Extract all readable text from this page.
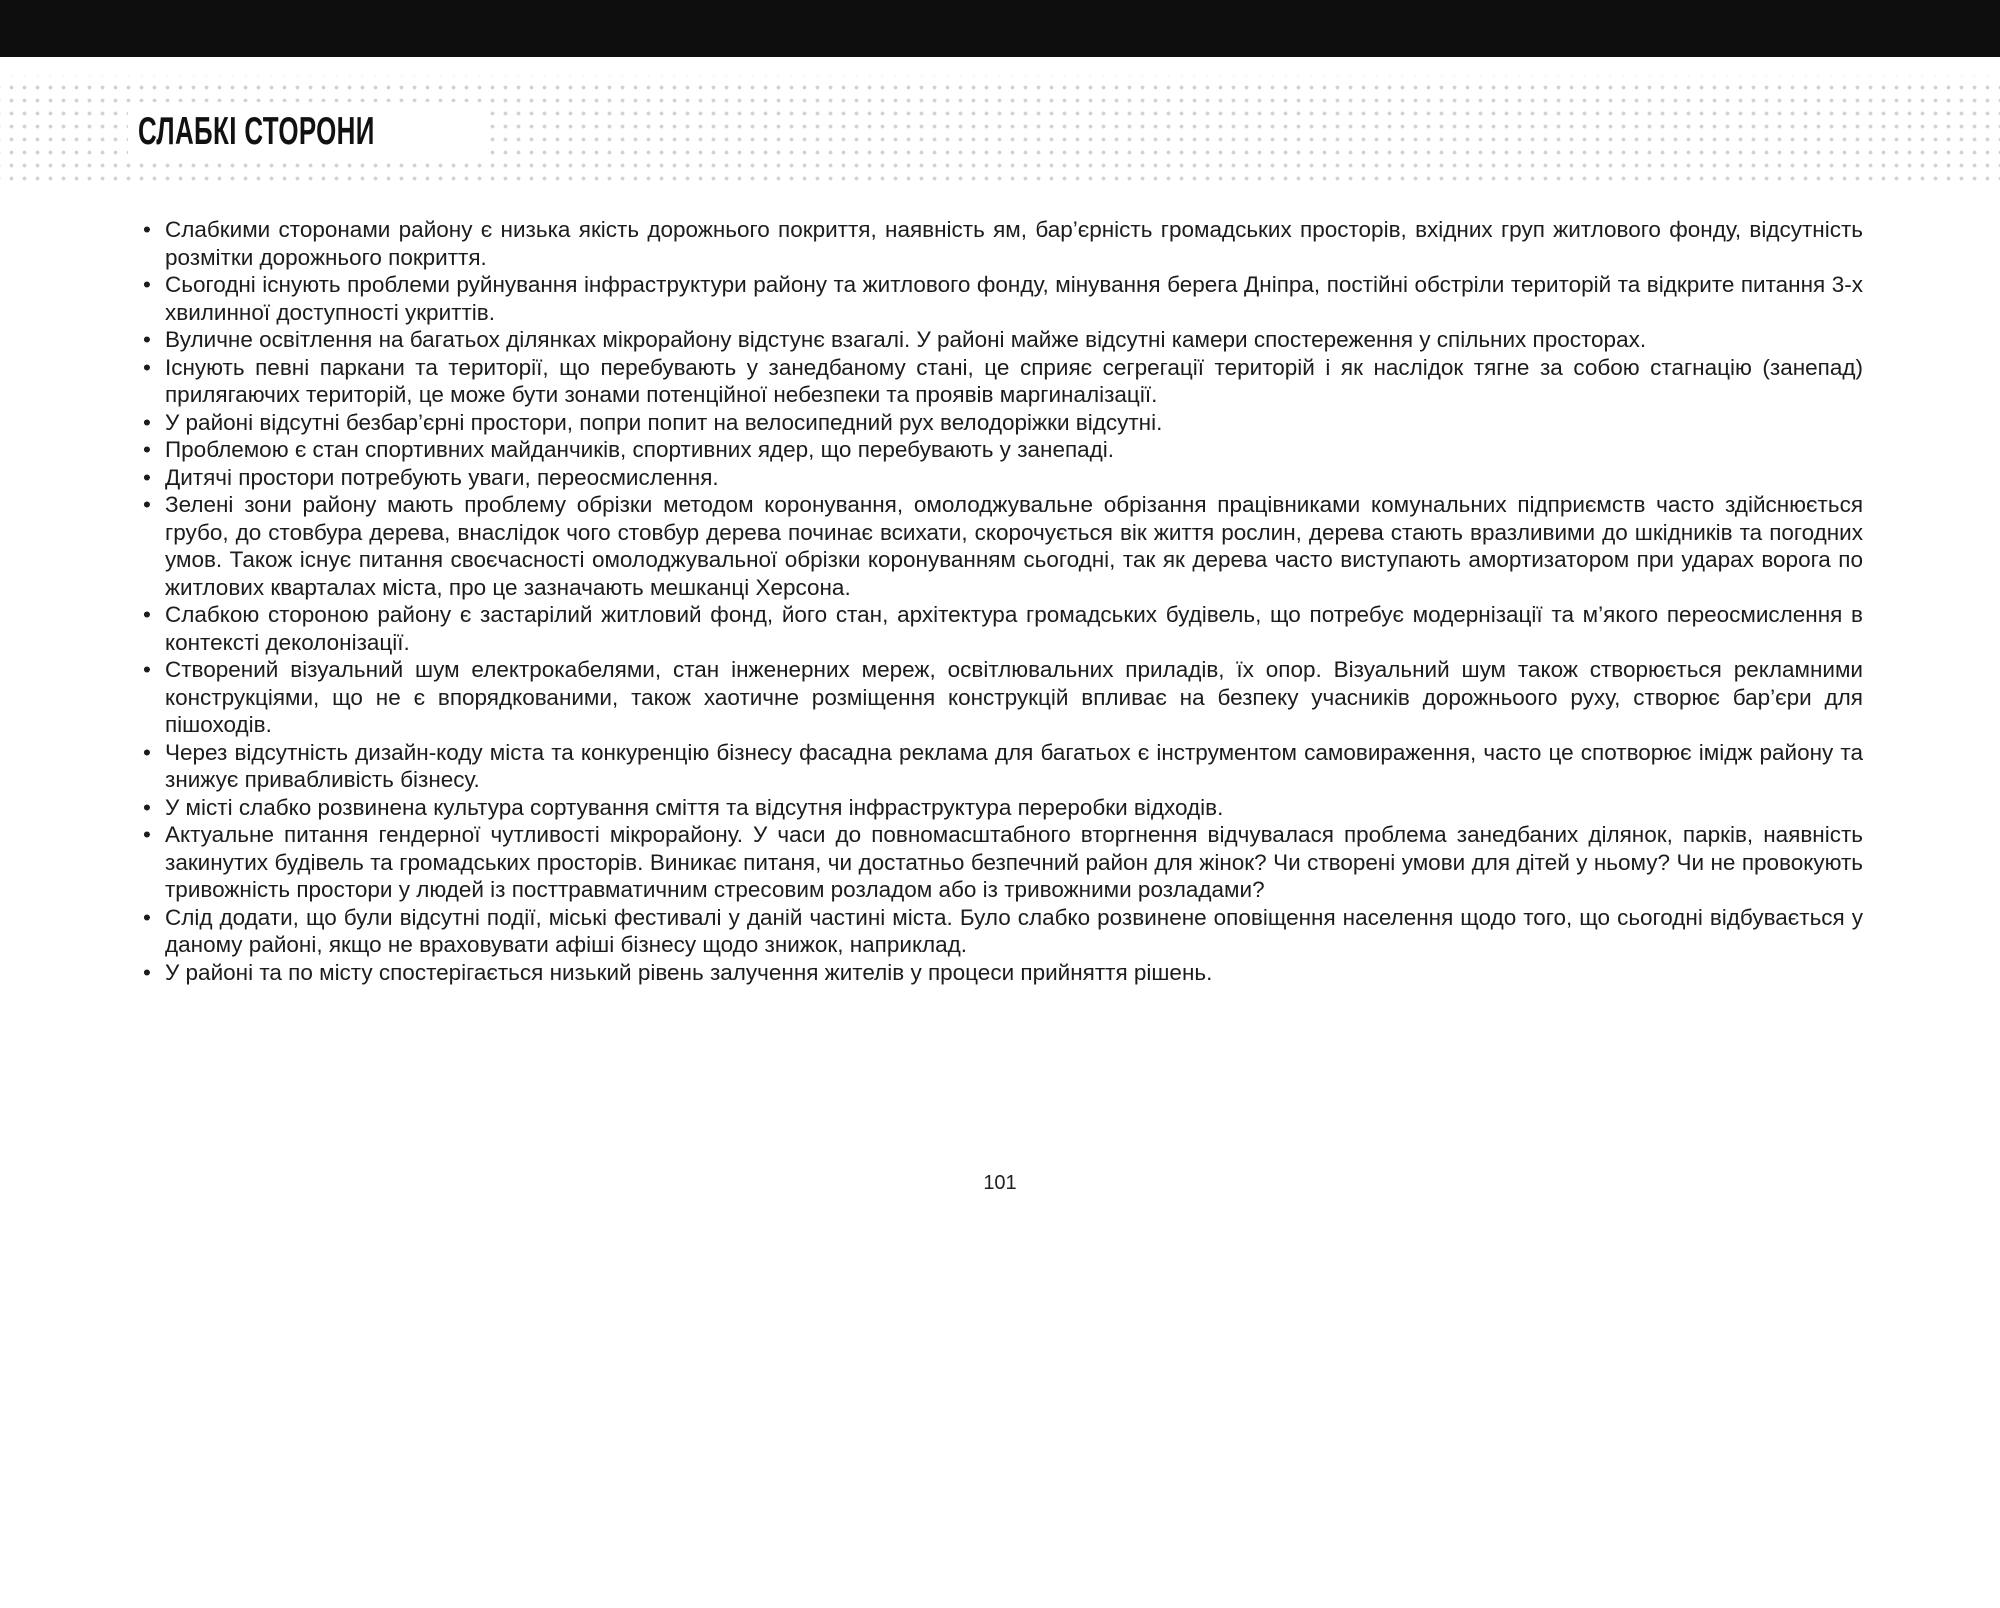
СЛАБКІ СТОРОНИ
• Слабкими сторонами району є низька якість дорожнього покриття, наявність ям, бар’єрність громадських просторів, вхідних груп житлового фонду, відсутність розмітки дорожнього покриття.
• Сьогодні існують проблеми руйнування інфраструктури району та житлового фонду, мінування берега Дніпра, постійні обстріли територій та відкрите питання 3-х хвилинної доступності укриттів.
• Вуличне освітлення на багатьох ділянках мікрорайону відстунє взагалі. У районі майже відсутні камери спостереження у спільних просторах.
• Існують певні паркани та території, що перебувають у занедбаному стані, це сприяє сегрегації територій і як наслідок тягне за собою стагнацію (занепад) прилягаючих територій, це може бути зонами потенційної небезпеки та проявів маргиналізації.
• У районі відсутні безбар’єрні простори, попри попит на велосипедний рух велодоріжки відсутні.
• Проблемою є стан спортивних майданчиків, спортивних ядер, що перебувають у занепаді.
• Дитячі простори потребують уваги, переосмислення.
• Зелені зони району мають проблему обрізки методом коронування, омолоджувальне обрізання працівниками комунальних підприємств часто здійснюється грубо, до стовбура дерева, внаслідок чого стовбур дерева починає всихати, скорочується вік життя рослин, дерева стають вразливими до шкідників та погодних умов. Також існує питання своєчасності омолоджувальної обрізки коронуванням сьогодні, так як дерева часто виступають амортизатором при ударах ворога по житлових кварталах міста, про це зазначають мешканці Херсона.
• Слабкою стороною району є застарілий житловий фонд, його стан, архітектура громадських будівель, що потребує модернізації та м’якого переосмислення в контексті деколонізації.
• Створений візуальний шум електрокабелями, стан інженерних мереж, освітлювальних приладів, їх опор. Візуальний шум також створюється рекламними конструкціями, що не є впорядкованими, також хаотичне розміщення конструкцій впливає на безпеку учасників дорожньоого руху, створює бар’єри для пішоходів.
• Через відсутність дизайн-коду міста та конкуренцію бізнесу фасадна реклама для багатьох є інструментом самовираження, часто це спотворює імідж району та знижує привабливість бізнесу.
• У місті слабко розвинена культура сортування сміття та відсутня інфраструктура переробки відходів.
• Актуальне питання гендерної чутливості мікрорайону. У часи до повномасштабного вторгнення відчувалася проблема занедбаних ділянок, парків, наявність закинутих будівель та громадських просторів. Виникає питаня, чи достатньо безпечний район для жінок? Чи створені умови для дітей у ньому? Чи не провокують тривожність простори у людей із посттравматичним стресовим розладом або із тривожними розладами?
• Слід додати, що були відсутні події, міські фестивалі у даній частині міста. Було слабко розвинене оповіщення населення щодо того, що сьогодні відбувається у даному районі, якщо не враховувати афіші бізнесу щодо знижок, наприклад.
• У районі та по місту спостерігається низький рівень залучення жителів у процеси прийняття рішень.
101
